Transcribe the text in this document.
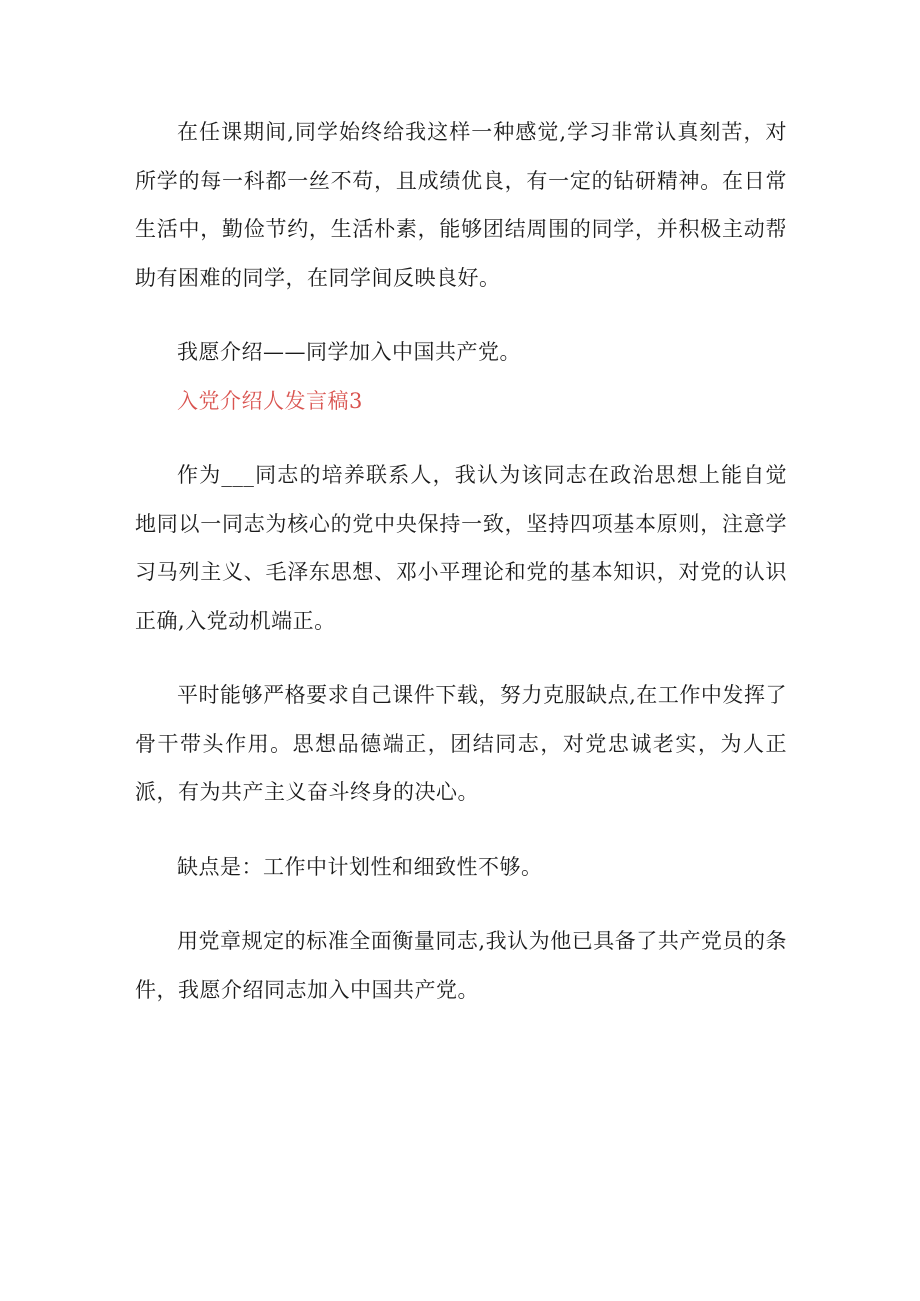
在任课期间,同学始终给我这样一种感觉,学习非常认真刻苦，对所学的每一科都一丝不苟，且成绩优良，有一定的钻研精神。在日常生活中，勤俭节约，生活朴素，能够团结周围的同学，并积极主动帮助有困难的同学，在同学间反映良好。

我愿介绍——同学加入中国共产党。

入党介绍人发言稿3

作为___同志的培养联系人，我认为该同志在政治思想上能自觉地同以一同志为核心的党中央保持一致，坚持四项基本原则，注意学习马列主义、毛泽东思想、邓小平理论和党的基本知识，对党的认识正确,入党动机端正。

平时能够严格要求自己课件下载，努力克服缺点,在工作中发挥了骨干带头作用。思想品德端正，团结同志，对党忠诚老实，为人正派，有为共产主义奋斗终身的决心。

缺点是：工作中计划性和细致性不够。

用党章规定的标准全面衡量同志,我认为他已具备了共产党员的条件，我愿介绍同志加入中国共产党。
